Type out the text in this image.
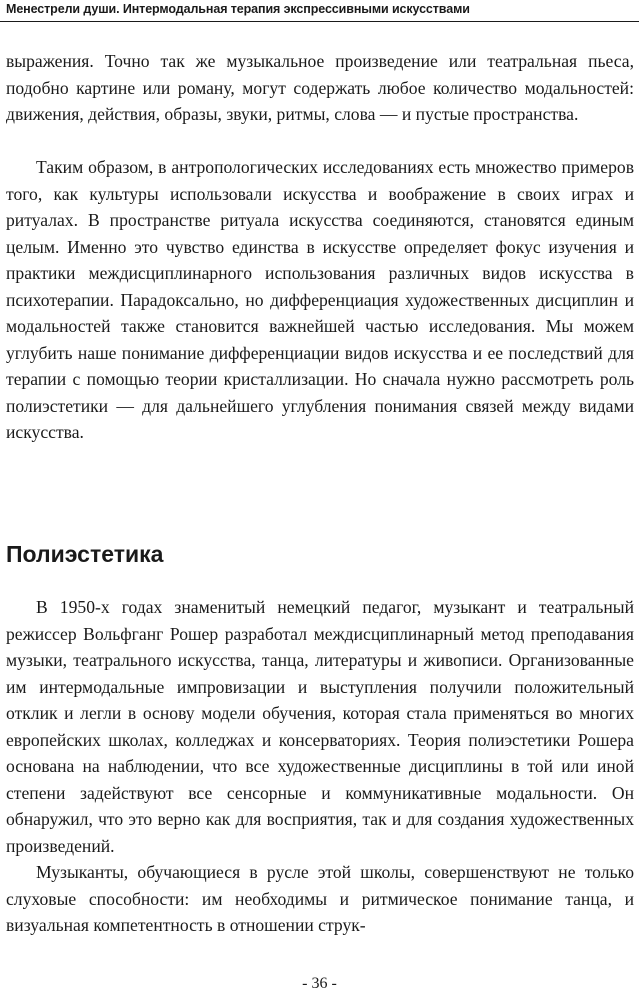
Менестрели души. Интермодальная терапия экспрессивными искусствами

выражения. Точно так же музыкальное произведение или театральная пьеса, подобно картине или роману, могут содержать любое количество модальностей: движения, действия, образы, звуки, ритмы, слова — и пустые пространства.

Таким образом, в антропологических исследованиях есть множество примеров того, как культуры использовали искусства и воображение в своих играх и ритуалах. В пространстве ритуала искусства соединяются, становятся единым целым. Именно это чувство единства в искусстве определяет фокус изучения и практики междисциплинарного использования различных видов искусства в психотерапии. Парадоксально, но дифференциация художественных дисциплин и модальностей также становится важнейшей частью исследования. Мы можем углубить наше понимание дифференциации видов искусства и ее последствий для терапии с помощью теории кристаллизации. Но сначала нужно рассмотреть роль полиэстетики — для дальнейшего углубления понимания связей между видами искусства.

Полиэстетика

В 1950-х годах знаменитый немецкий педагог, музыкант и театральный режиссер Вольфганг Рошер разработал междисциплинарный метод преподавания музыки, театрального искусства, танца, литературы и живописи. Организованные им интермодальные импровизации и выступления получили положительный отклик и легли в основу модели обучения, которая стала применяться во многих европейских школах, колледжах и консерваториях. Теория полиэстетики Рошера основана на наблюдении, что все художественные дисциплины в той или иной степени задействуют все сенсорные и коммуникативные модальности. Он обнаружил, что это верно как для восприятия, так и для создания художественных произведений.

Музыканты, обучающиеся в русле этой школы, совершенствуют не только слуховые способности: им необходимы и ритмическое понимание танца, и визуальная компетентность в отношении струк-

- 36 -
